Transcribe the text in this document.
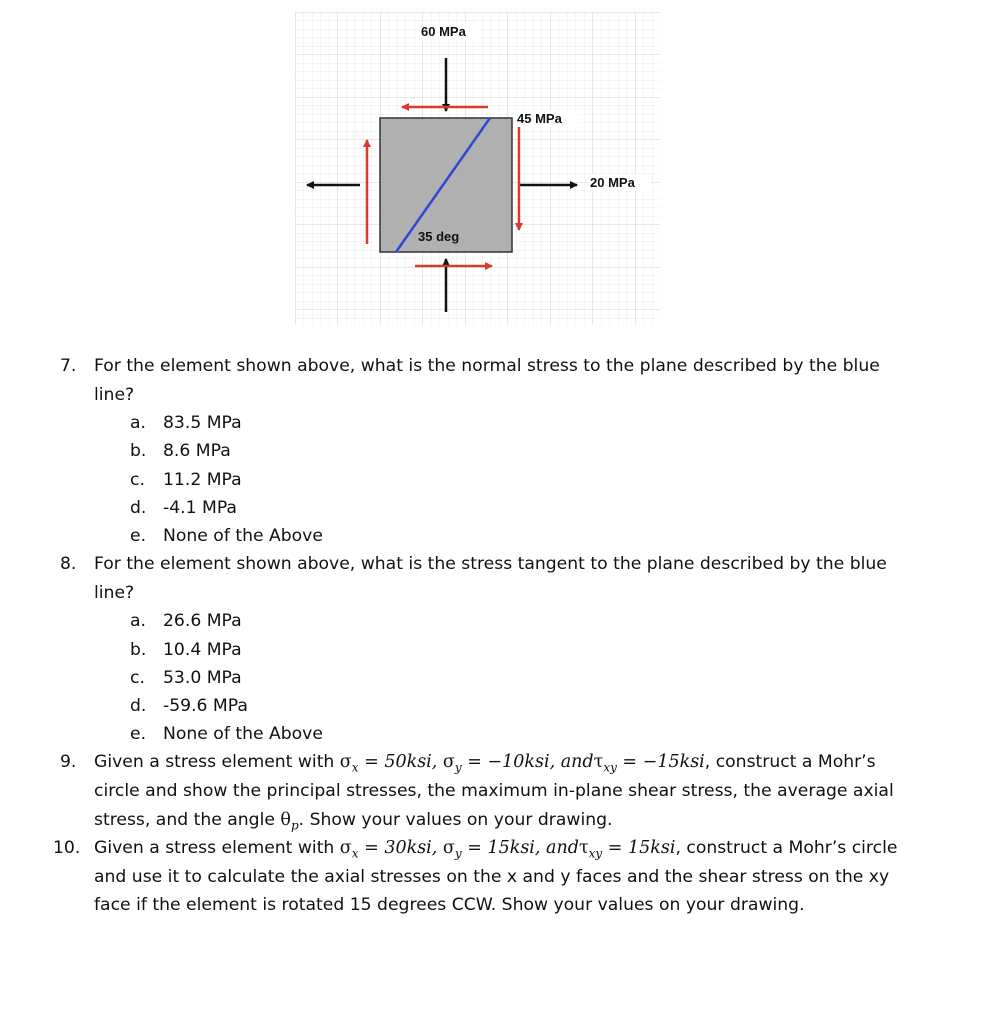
60 MPa
45 MPa
20 MPa
35 deg
7. For the element shown above, what is the normal stress to the plane described by the blue line?
a. 83.5 MPa
b. 8.6 MPa
c. 11.2 MPa
d. -4.1 MPa
e. None of the Above
8. For the element shown above, what is the stress tangent to the plane described by the blue line?
a. 26.6 MPa
b. 10.4 MPa
c. 53.0 MPa
d. -59.6 MPa
e. None of the Above
9. Given a stress element with $\sigma_x = 50ksi$, $\sigma_y = -10ksi$, andτ$_{xy}$ = −15ksi, construct a Mohr’s circle and show the principal stresses, the maximum in-plane shear stress, the average axial stress, and the angle $\theta_p$. Show your values on your drawing.
10. Given a stress element with $\sigma_x = 30ksi$, $\sigma_y = 15ksi$, andτ$_{xy}$ = 15ksi, construct a Mohr’s circle and use it to calculate the axial stresses on the x and y faces and the shear stress on the xy face if the element is rotated 15 degrees CCW. Show your values on your drawing.
